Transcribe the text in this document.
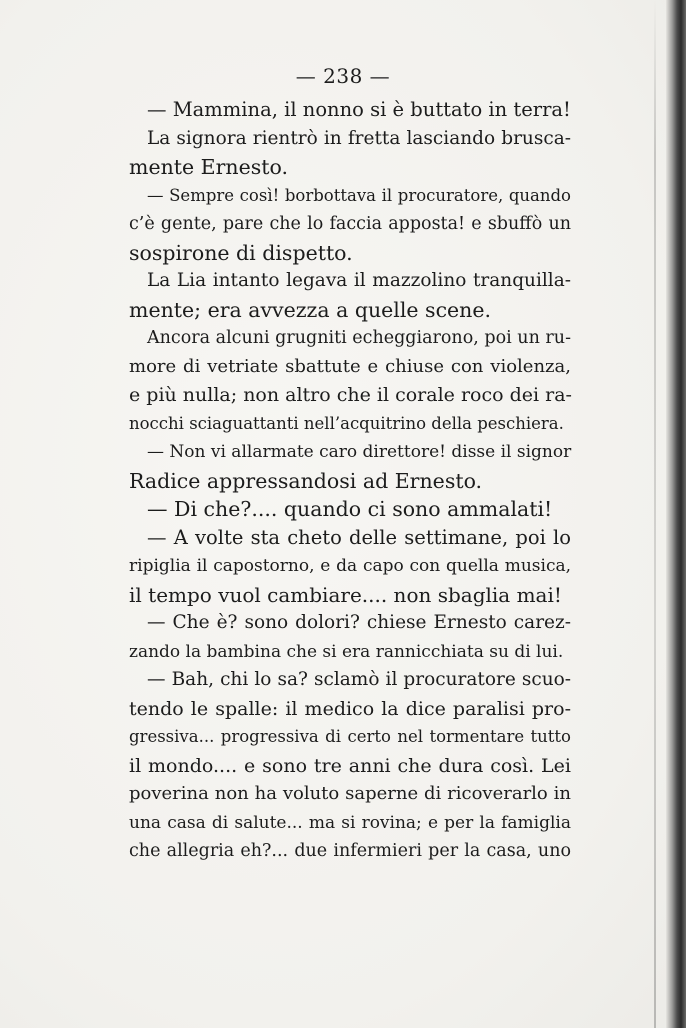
— 238 —
— Mammina, il nonno si è buttato in terra!
La signora rientrò in fretta lasciando brusca-
mente Ernesto.
— Sempre così! borbottava il procuratore, quando
c’è gente, pare che lo faccia apposta! e sbuffò un
sospirone di dispetto.
La Lia intanto legava il mazzolino tranquilla-
mente; era avvezza a quelle scene.
Ancora alcuni grugniti echeggiarono, poi un ru-
more di vetriate sbattute e chiuse con violenza,
e più nulla; non altro che il corale roco dei ra-
nocchi sciaguattanti nell’acquitrino della peschiera.
— Non vi allarmate caro direttore! disse il signor
Radice appressandosi ad Ernesto.
— Di che?.... quando ci sono ammalati!
— A volte sta cheto delle settimane, poi lo
ripiglia il capostorno, e da capo con quella musica,
il tempo vuol cambiare.... non sbaglia mai!
— Che è? sono dolori? chiese Ernesto carez-
zando la bambina che si era rannicchiata su di lui.
— Bah, chi lo sa? sclamò il procuratore scuo-
tendo le spalle: il medico la dice paralisi pro-
gressiva... progressiva di certo nel tormentare tutto
il mondo.... e sono tre anni che dura così. Lei
poverina non ha voluto saperne di ricoverarlo in
una casa di salute... ma si rovina; e per la famiglia
che allegria eh?... due infermieri per la casa, uno
